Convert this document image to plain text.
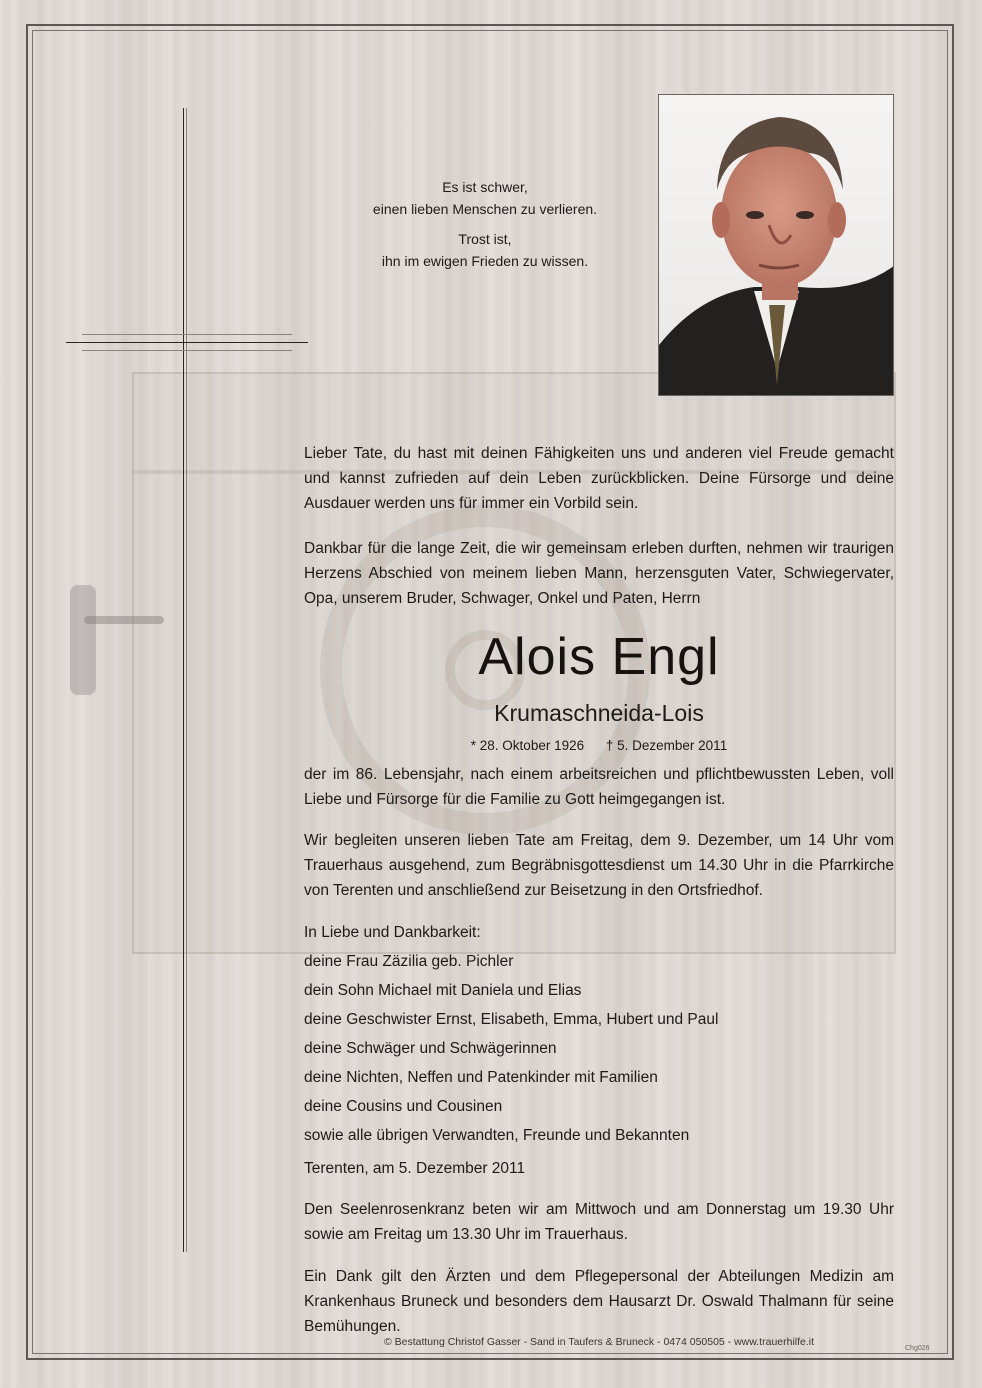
Es ist schwer,
einen lieben Menschen zu verlieren.

Trost ist,
ihn im ewigen Frieden zu wissen.

Lieber Tate, du hast mit deinen Fähigkeiten uns und anderen viel Freude gemacht und kannst zufrieden auf dein Leben zurückblicken. Deine Fürsorge und deine Ausdauer werden uns für immer ein Vorbild sein.

Dankbar für die lange Zeit, die wir gemeinsam erleben durften, nehmen wir traurigen Herzens Abschied von meinem lieben Mann, herzensguten Vater, Schwiegervater, Opa, unserem Bruder, Schwager, Onkel und Paten, Herrn

Alois Engl
Krumaschneida-Lois
* 28. Oktober 1926 † 5. Dezember 2011

der im 86. Lebensjahr, nach einem arbeitsreichen und pflichtbewussten Leben, voll Liebe und Fürsorge für die Familie zu Gott heimgegangen ist.

Wir begleiten unseren lieben Tate am Freitag, dem 9. Dezember, um 14 Uhr vom Trauerhaus ausgehend, zum Begräbnisgottesdienst um 14.30 Uhr in die Pfarrkirche von Terenten und anschließend zur Beisetzung in den Ortsfriedhof.

In Liebe und Dankbarkeit:
deine Frau Zäzilia geb. Pichler
dein Sohn Michael mit Daniela und Elias
deine Geschwister Ernst, Elisabeth, Emma, Hubert und Paul
deine Schwäger und Schwägerinnen
deine Nichten, Neffen und Patenkinder mit Familien
deine Cousins und Cousinen
sowie alle übrigen Verwandten, Freunde und Bekannten
Terenten, am 5. Dezember 2011

Den Seelenrosenkranz beten wir am Mittwoch und am Donnerstag um 19.30 Uhr sowie am Freitag um 13.30 Uhr im Trauerhaus.

Ein Dank gilt den Ärzten und dem Pflegepersonal der Abteilungen Medizin am Krankenhaus Bruneck und besonders dem Hausarzt Dr. Oswald Thalmann für seine Bemühungen.

© Bestattung Christof Gasser - Sand in Taufers & Bruneck - 0474 050505 - www.trauerhilfe.it
Chg026
